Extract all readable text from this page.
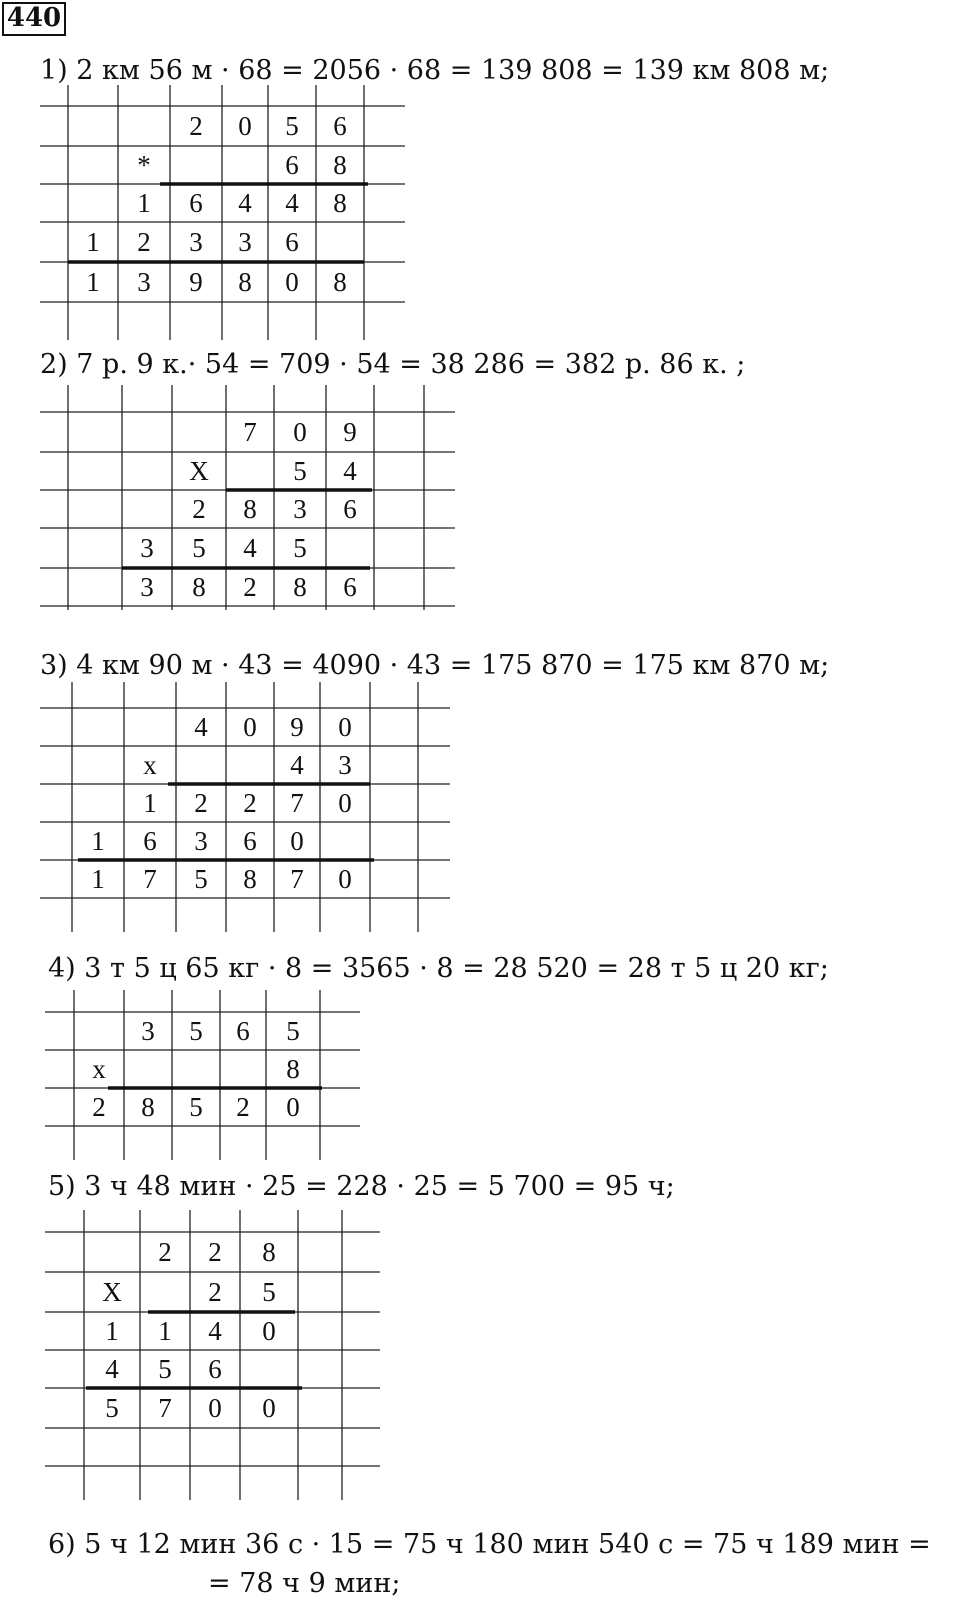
440
1) 2 км 56 м · 68 = 2056 · 68 = 139 808 = 139 км 808 м;
2 0 5 6
*	6 8
1 6 4 4 8
1 2 3 3 6
1 3 9 8 0 8
2) 7 р. 9 к.· 54 = 709 · 54 = 38 286 = 382 р. 86 к. ;
7 0 9
Х	5 4
2 8 3 6
3 5 4 5
3 8 2 8 6
3) 4 км 90 м · 43 = 4090 · 43 = 175 870 = 175 км 870 м;
4 0 9 0
х	4 3
1 2 2 7 0
1 6 3 6 0
1 7 5 8 7 0
4) 3 т 5 ц 65 кг · 8 = 3565 · 8 = 28 520 = 28 т 5 ц 20 кг;
3 5 6 5
х	8
2 8 5 2 0
5) 3 ч 48 мин · 25 = 228 · 25 = 5 700 = 95 ч;
2 2 8
Х	2 5
1 1 4 0
4 5 6
5 7 0 0
6) 5 ч 12 мин 36 с · 15 = 75 ч 180 мин 540 с = 75 ч 189 мин =
= 78 ч 9 мин;
